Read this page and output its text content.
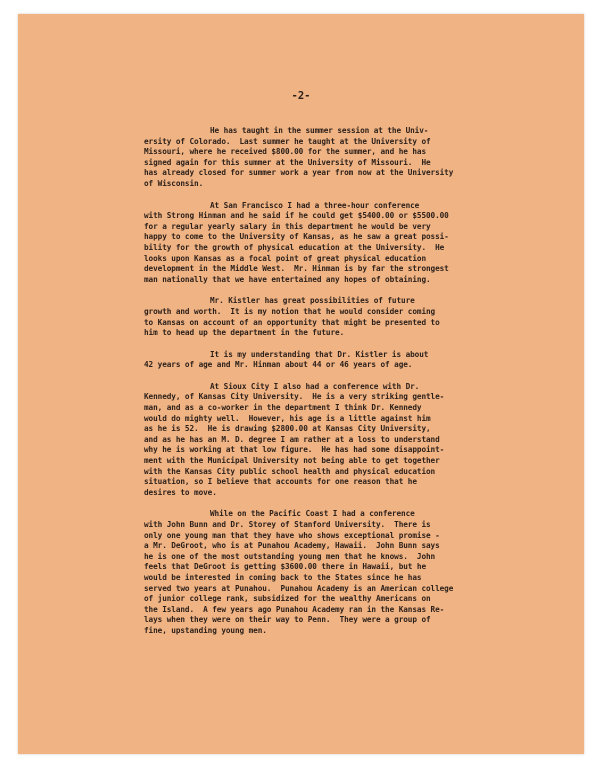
-2-
He has taught in the summer session at the Univ-
ersity of Colorado.  Last summer he taught at the University of
Missouri, where he received $800.00 for the summer, and he has
signed again for this summer at the University of Missouri.  He
has already closed for summer work a year from now at the University
of Wisconsin.
At San Francisco I had a three-hour conference
with Strong Hinman and he said if he could get $5400.00 or $5500.00
for a regular yearly salary in this department he would be very
happy to come to the University of Kansas, as he saw a great possi-
bility for the growth of physical education at the University.  He
looks upon Kansas as a focal point of great physical education
development in the Middle West.  Mr. Hinman is by far the strongest
man nationally that we have entertained any hopes of obtaining.
Mr. Kistler has great possibilities of future
growth and worth.  It is my notion that he would consider coming
to Kansas on account of an opportunity that might be presented to
him to head up the department in the future.
It is my understanding that Dr. Kistler is about
42 years of age and Mr. Hinman about 44 or 46 years of age.
At Sioux City I also had a conference with Dr.
Kennedy, of Kansas City University.  He is a very striking gentle-
man, and as a co-worker in the department I think Dr. Kennedy
would do mighty well.  However, his age is a little against him
as he is 52.  He is drawing $2800.00 at Kansas City University,
and as he has an M. D. degree I am rather at a loss to understand
why he is working at that low figure.  He has had some disappoint-
ment with the Municipal University not being able to get together
with the Kansas City public school health and physical education
situation, so I believe that accounts for one reason that he
desires to move.
While on the Pacific Coast I had a conference
with John Bunn and Dr. Storey of Stanford University.  There is
only one young man that they have who shows exceptional promise -
a Mr. DeGroot, who is at Punahou Academy, Hawaii.  John Bunn says
he is one of the most outstanding young men that he knows.  John
feels that DeGroot is getting $3600.00 there in Hawaii, but he
would be interested in coming back to the States since he has
served two years at Punahou.  Punahou Academy is an American college
of junior college rank, subsidized for the wealthy Americans on
the Island.  A few years ago Punahou Academy ran in the Kansas Re-
lays when they were on their way to Penn.  They were a group of
fine, upstanding young men.
